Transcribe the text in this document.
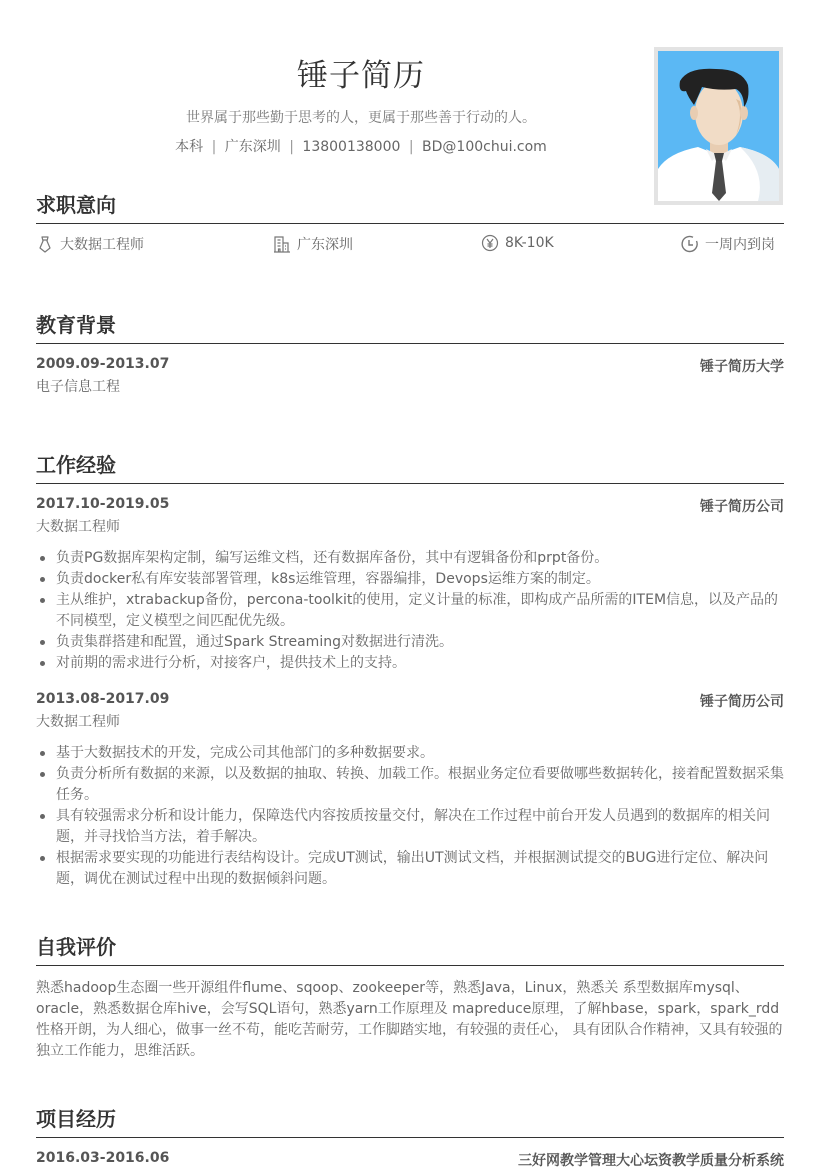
锤子简历
世界属于那些勤于思考的人，更属于那些善于行动的人。
本科 | 广东深圳 | 13800138000 | BD@100chui.com
求职意向
大数据工程师	广东深圳	8K-10K	一周内到岗
教育背景
2009.09-2013.07	锤子简历大学
电子信息工程
工作经验
2017.10-2019.05	锤子简历公司
大数据工程师
负责PG数据库架构定制，编写运维文档，还有数据库备份，其中有逻辑备份和prpt备份。
负责docker私有库安装部署管理，k8s运维管理，容器编排，Devops运维方案的制定。
主从维护，xtrabackup备份，percona-toolkit的使用，定义计量的标准，即构成产品所需的ITEM信息，以及产品的不同模型，定义模型之间匹配优先级。
负责集群搭建和配置，通过Spark Streaming对数据进行清洗。
对前期的需求进行分析，对接客户，提供技术上的支持。
2013.08-2017.09	锤子简历公司
大数据工程师
基于大数据技术的开发，完成公司其他部门的多种数据要求。
负责分析所有数据的来源，以及数据的抽取、转换、加载工作。根据业务定位看要做哪些数据转化，接着配置数据采集任务。
具有较强需求分析和设计能力，保障迭代内容按质按量交付，解决在工作过程中前台开发人员遇到的数据库的相关问题，并寻找恰当方法，着手解决。
根据需求要实现的功能进行表结构设计。完成UT测试，输出UT测试文档，并根据测试提交的BUG进行定位、解决问题，调优在测试过程中出现的数据倾斜问题。
自我评价
熟悉hadoop生态圈一些开源组件flume、sqoop、zookeeper等，熟悉Java，Linux，熟悉关 系型数据库mysql、oracle，熟悉数据仓库hive，会写SQL语句，熟悉yarn工作原理及 mapreduce原理，了解hbase，spark，spark_rdd 性格开朗，为人细心，做事一丝不苟，能吃苦耐劳，工作脚踏实地，有较强的责任心， 具有团队合作精神，又具有较强的独立工作能力，思维活跃。
项目经历
2016.03-2016.06	三好网教学管理大心坛资教学质量分析系统
